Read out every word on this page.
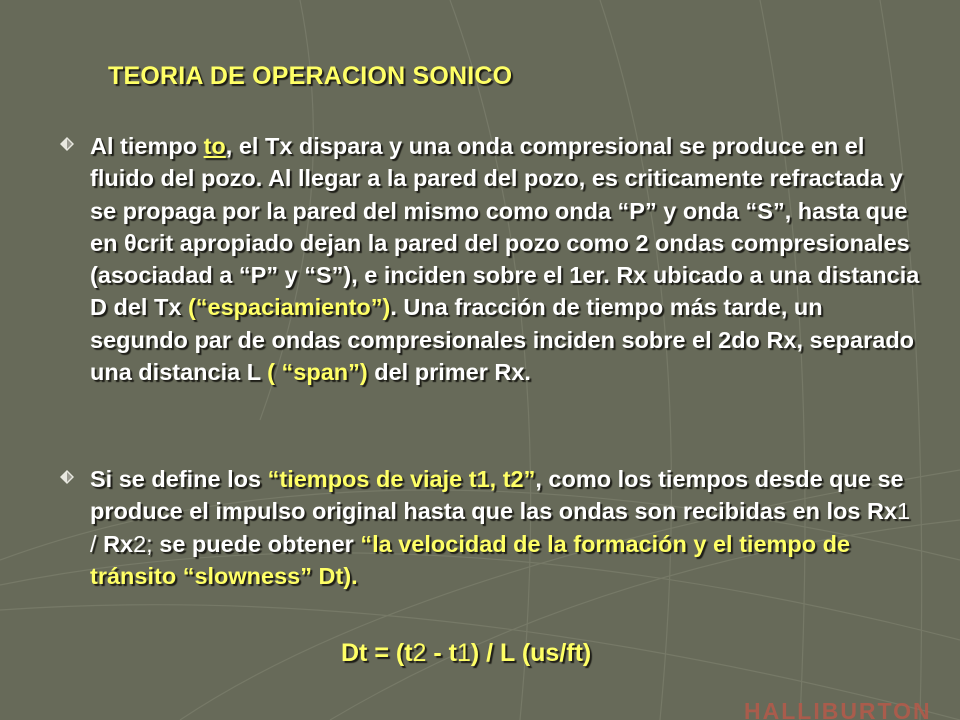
TEORIA DE OPERACION SONICO
Al tiempo to, el Tx dispara y una onda compresional se produce en el fluido del pozo. Al llegar a la pared del pozo, es criticamente refractada y se propaga por la pared del mismo como onda “P” y onda “S”, hasta que en θcrit apropiado dejan la pared del pozo como 2 ondas compresionales (asociadad a “P” y “S”), e inciden sobre el 1er. Rx ubicado a una distancia D del Tx (“espaciamiento”). Una fracción de tiempo más tarde, un segundo par de ondas compresionales inciden sobre el 2do Rx, separado una distancia L ( “span”) del primer Rx.
Si se define los “tiempos de viaje t1, t2”, como los tiempos desde que se produce el impulso original hasta que las ondas son recibidas en los Rx1 / Rx2; se puede obtener “la velocidad de la formación y el tiempo de tránsito “slowness” Dt).
Dt = (t2 - t1) / L (us/ft)
HALLIBURTON
